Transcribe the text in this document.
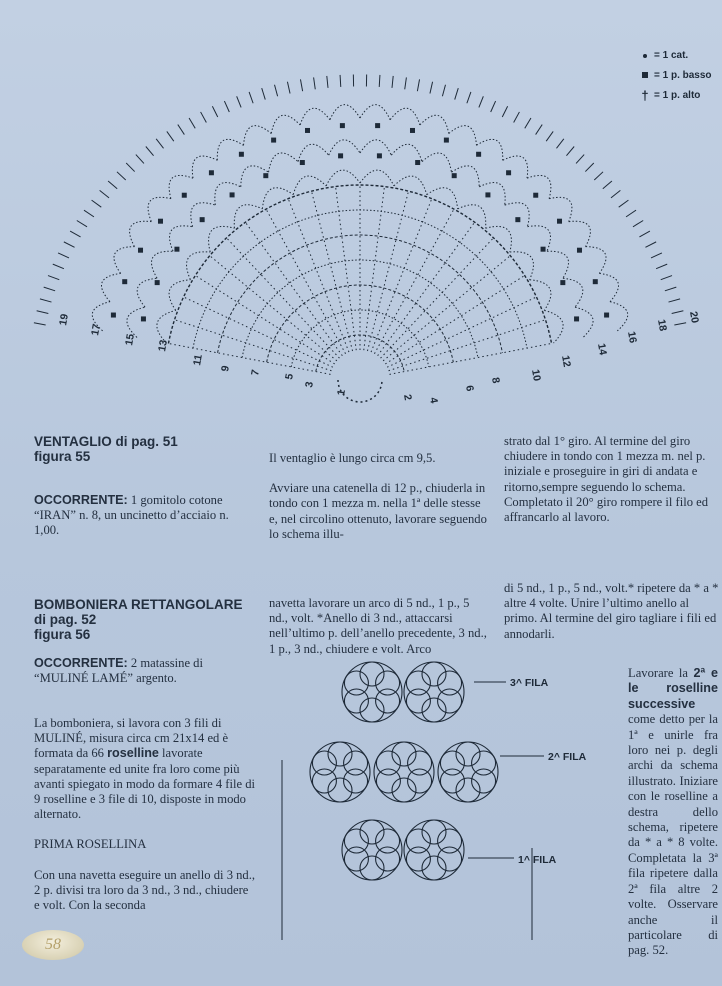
1
3
5
7
9
11
13
15
17
19
2 4
6
8	10
12
14
16
18
20
= 1 cat.
= 1 p. basso
† = 1 p. alto
VENTAGLIO di pag. 51
figura 55
OCCORRENTE: 1 gomitolo cotone “IRAN” n. 8, un uncinetto d’acciaio n. 1,00.

Il ventaglio è lungo circa cm 9,5.

Avviare una catenella di 12 p., chiuderla in tondo con 1 mezza m. nella 1ª delle stesse e, nel circolino ottenuto, lavorare seguendo lo schema illu-

strato dal 1° giro. Al termine del giro chiudere in tondo con 1 mezza m. nel p. iniziale e proseguire in giri di andata e ritorno,sempre seguendo lo schema. Completato il 20° giro rompere il filo ed affrancarlo al lavoro.

BOMBONIERA RETTANGOLARE
di pag. 52
figura 56
OCCORRENTE: 2 matassine di “MULINÉ LAMÉ” argento.

La bomboniera, si lavora con 3 fili di MULINÉ, misura circa cm 21x14 ed è formata da 66 roselline lavorate separatamente ed unite fra loro come più avanti spiegato in modo da formare 4 file di 9 roselline e 3 file di 10, disposte in modo alternato.

PRIMA ROSELLINA

Con una navetta eseguire un anello di 3 nd., 2 p. divisi tra loro da 3 nd., 3 nd., chiudere e volt. Con la seconda

navetta lavorare un arco di 5 nd., 1 p., 5 nd., volt. *Anello di 3 nd., attaccarsi nell’ultimo p. dell’anello precedente, 3 nd., 1 p., 3 nd., chiudere e volt. Arco

di 5 nd., 1 p., 5 nd., volt.* ripetere da * a * altre 4 volte. Unire l’ultimo anello al primo. Al termine del giro tagliare i fili ed annodarli.

Lavorare la 2ª e le roselline successive come detto per la 1ª e unirle fra loro nei p. degli archi da schema illustrato. Iniziare con le roselline a destra dello schema, ripetere da * a * 8 volte. Completata la 3ª fila ripetere dalla 2ª fila altre 2 volte. Osservare anche il particolare di pag. 52.
3^ FILA
2^ FILA
1^ FILA
58
